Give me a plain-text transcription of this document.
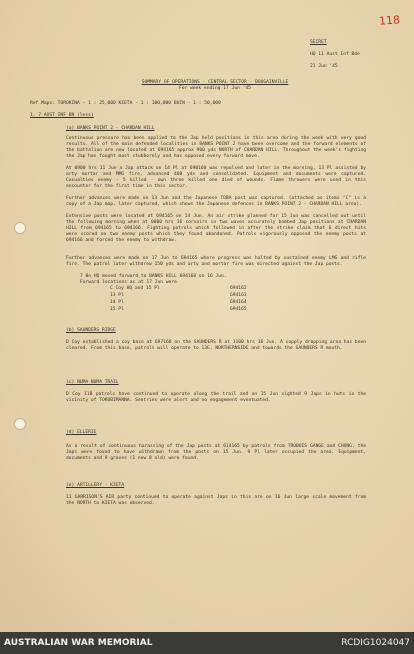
118
SECRET
HQ 11 Aust Inf Bde
21 Jun '45
SUMMARY OF OPERATIONS - CENTRAL SECTOR - BOUGAINVILLE
For week ending 17 Jun '45
Ref Maps: TOROKINA - 1 : 25,000 KIETA - 1 : 100,000 BUIN - 1 : 50,000
1. 7 AUST INF BN (less)
(a) BANKS POINT 2 - CHARDAN HILL
Continuous pressure has been applied to the Jap held positions in this area during the week with very good results. All of the main defended localities in BANKS POINT 2 have been overcome and the forward elements of the battalion are now located at 694165 approx 900 yds NORTH of CHARDAN HILL. Throughout the week's fighting the Jap has fought most stubbornly and has opposed every forward move.
At 0900 hrs 11 Jun a Jap attack on 14 Pl at 690160 was repulsed and later in the morning, 13 Pl assisted by arty mortar and MMG fire, advanced 400 yds and consolidated. Equipment and documents were captured. Casualties enemy - 5 killed - own three killed one died of wounds. Flame throwers were used in this encounter for the first time in this sector.
Further advances were made on 13 Jun and the Japanese TOBA post was captured. (attached as items "C" is a copy of a Jap map, later captured, which shows the Japanese defences in BANKS POINT 2 - CHARDAN HILL area).
Extensive posts were located at 694165 on 14 Jun. An air strike planned for 15 Jun was cancelled out until the following morning when at 0800 hrs 16 corsairs in two waves accurately bombed Jap positions at CHARDAN HILL from 694165 to 694166. Fighting patrols which followed in after the strike claim that 6 direct hits were scored on two enemy posts which they found abandoned. Patrols vigorously opposed the enemy posts at 694166 and forced the enemy to withdraw.
Further advances were made on 17 Jun to 694165 where progress was halted by sustained enemy LMG and rifle fire. The patrol later withdrew 150 yds and arty and mortar fire was directed against the Jap posts.
7 Bn HQ moved forward to BANKS HILL 694160 on 16 Jun.
Forward locations as at 17 Jun were
C Coy HQ and 15 Pl	694162
13 Pl	694163
14 Pl	694164
15 Pl	694165
(b) SAUNDERS RIDGE
D Coy established a coy base at 697160 on the SAUNDERS R at 1100 hrs 16 Jun. A supply dropping area has been cleared. From this base, patrols will operate to 13E, NORTHERNSIDE and towards the SAUNDERS R mouth.
(c) NUMA NUMA TRAIL
D Coy 11B patrols have continued to operate along the trail and on 15 Jun sighted 9 Japs in huts in the vicinity of TOKUBIMANNA. Sentries were alert and no engagement eventuated.
(d) ELLERIE
As a result of continuous harassing of the Jap posts at 614165 by patrols from TROBOIS GANGE and CHONG, the Japs were found to have withdrawn from the posts on 15 Jun. 9 Pl later occupied the area. Equipment, documents and 9 graves (1 new 8 old) were found.
(e) ARTILLERY - KIETA
11 GARRISON'S AIR party continued to operate against Japs in this are on 16 Jun large scale movement from the NORTH to KIETA was observed.
AUSTRALIAN WAR MEMORIAL	RCDIG1024047
